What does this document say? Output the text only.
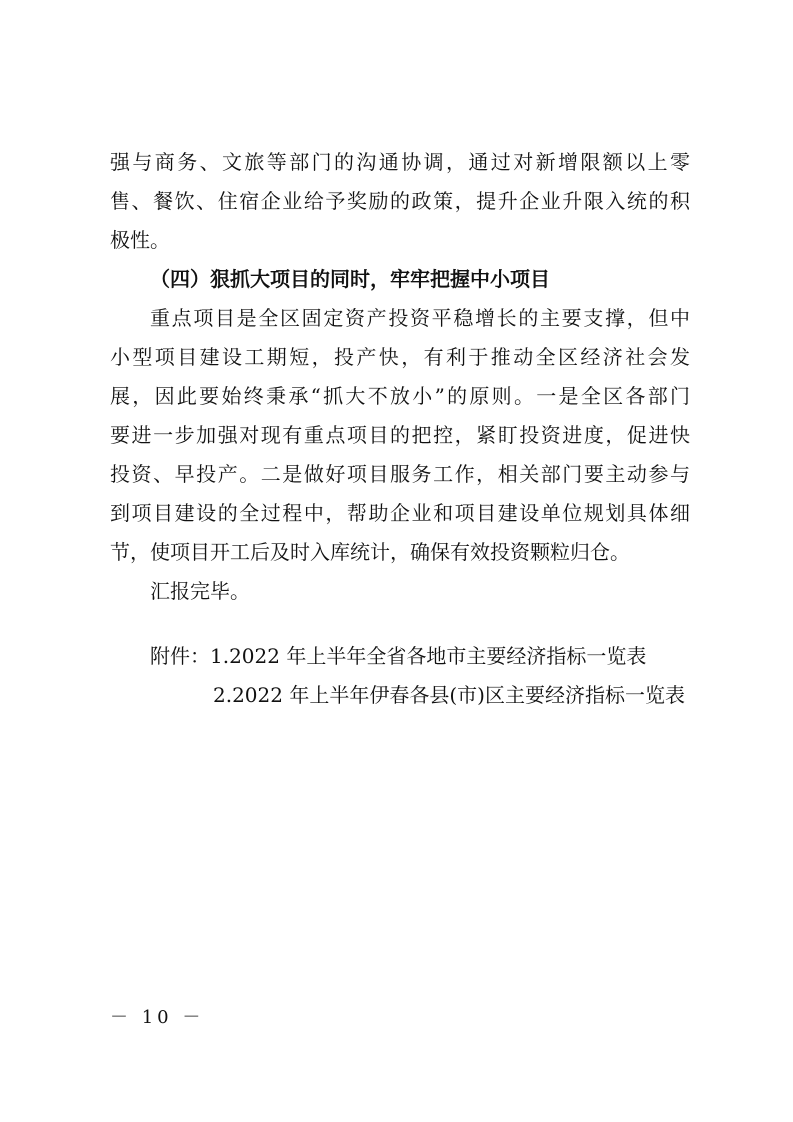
强与商务、文旅等部门的沟通协调，通过对新增限额以上零
售、餐饮、住宿企业给予奖励的政策，提升企业升限入统的积
极性。
（四）狠抓大项目的同时，牢牢把握中小项目
重点项目是全区固定资产投资平稳增长的主要支撑，但中
小型项目建设工期短，投产快，有利于推动全区经济社会发
展，因此要始终秉承“抓大不放小”的原则。一是全区各部门
要进一步加强对现有重点项目的把控，紧盯投资进度，促进快
投资、早投产。二是做好项目服务工作，相关部门要主动参与
到项目建设的全过程中，帮助企业和项目建设单位规划具体细
节，使项目开工后及时入库统计，确保有效投资颗粒归仓。
汇报完毕。
附件：1.2022 年上半年全省各地市主要经济指标一览表
2.2022 年上半年伊春各县(市)区主要经济指标一览表
－ 10 －
